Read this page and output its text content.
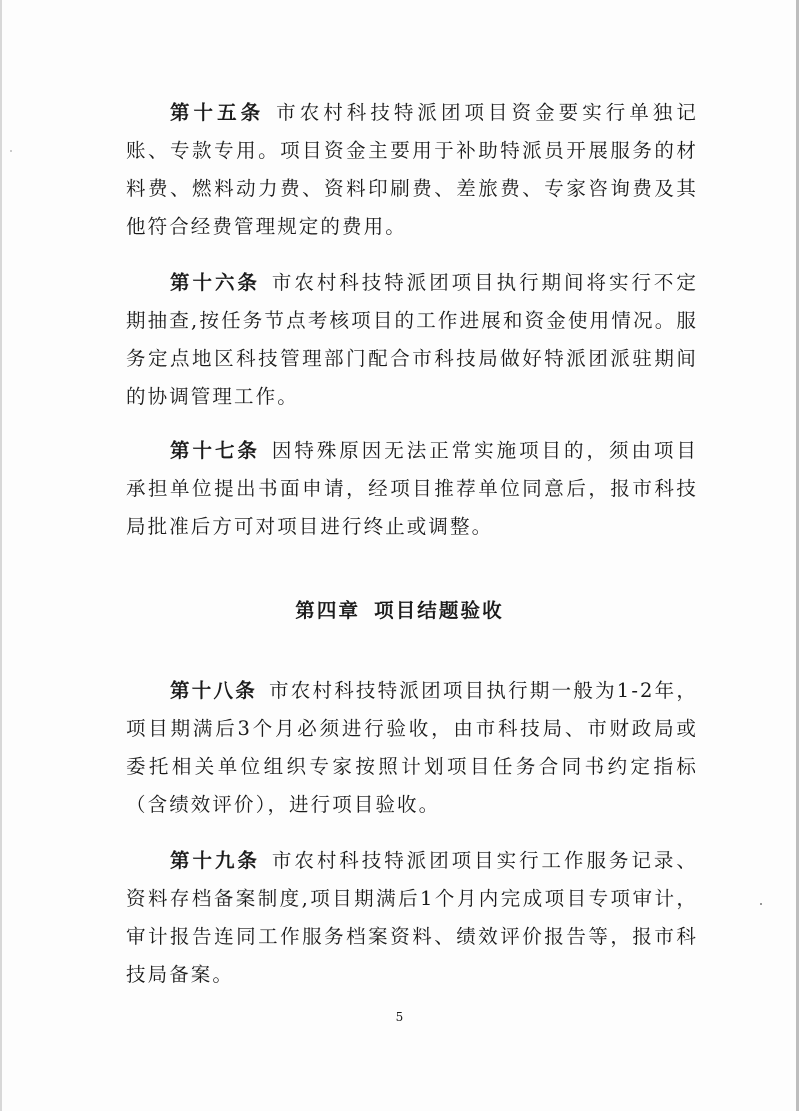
第十五条 市农村科技特派团项目资金要实行单独记账、专款专用。项目资金主要用于补助特派员开展服务的材料费、燃料动力费、资料印刷费、差旅费、专家咨询费及其他符合经费管理规定的费用。

第十六条 市农村科技特派团项目执行期间将实行不定期抽查,按任务节点考核项目的工作进展和资金使用情况。服务定点地区科技管理部门配合市科技局做好特派团派驻期间的协调管理工作。

第十七条 因特殊原因无法正常实施项目的，须由项目承担单位提出书面申请，经项目推荐单位同意后，报市科技局批准后方可对项目进行终止或调整。

第四章 项目结题验收

第十八条 市农村科技特派团项目执行期一般为1-2年，项目期满后3个月必须进行验收，由市科技局、市财政局或委托相关单位组织专家按照计划项目任务合同书约定指标（含绩效评价），进行项目验收。

第十九条 市农村科技特派团项目实行工作服务记录、资料存档备案制度,项目期满后1个月内完成项目专项审计，审计报告连同工作服务档案资料、绩效评价报告等，报市科技局备案。

5
